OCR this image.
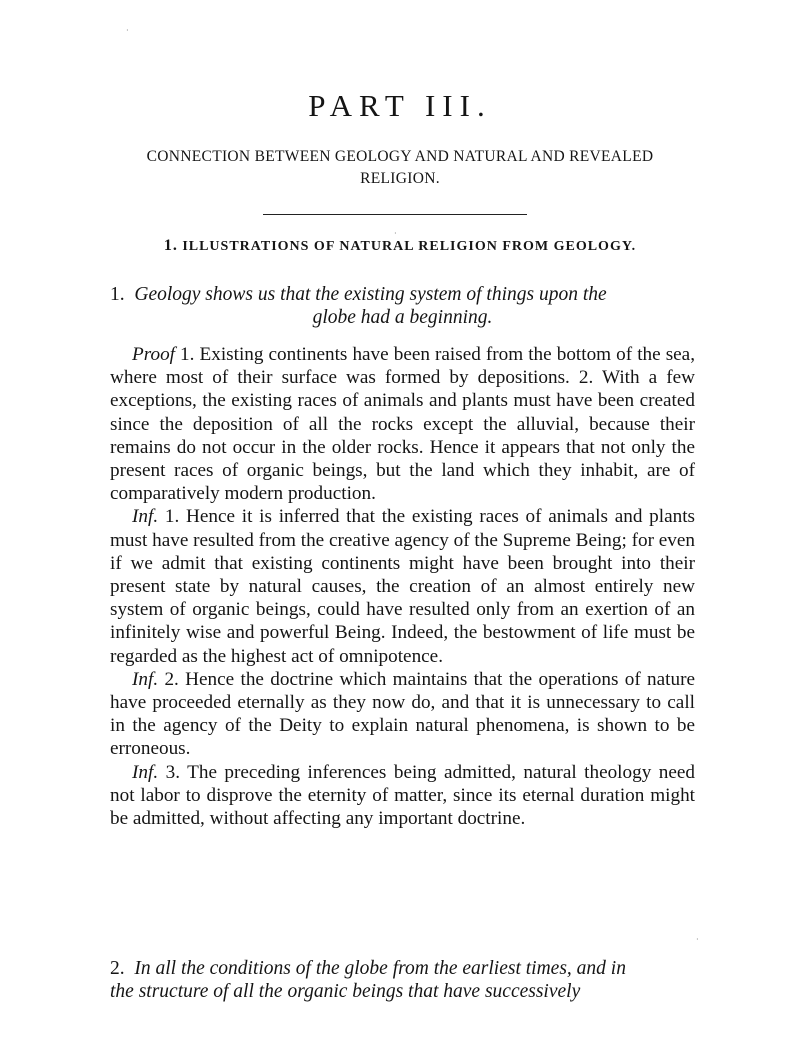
PART III.
CONNECTION BETWEEN GEOLOGY AND NATURAL AND REVEALED RELIGION.
1. ILLUSTRATIONS OF NATURAL RELIGION FROM GEOLOGY.
1. Geology shows us that the existing system of things upon the
globe had a beginning.

Proof 1. Existing continents have been raised from the bottom of the sea, where most of their surface was formed by depositions. 2. With a few exceptions, the existing races of animals and plants must have been created since the deposition of all the rocks except the alluvial, because their remains do not occur in the older rocks. Hence it appears that not only the present races of organic beings, but the land which they inhabit, are of comparatively modern production.

Inf. 1. Hence it is inferred that the existing races of animals and plants must have resulted from the creative agency of the Supreme Being; for even if we admit that existing continents might have been brought into their present state by natural causes, the creation of an almost entirely new system of organic beings, could have resulted only from an exertion of an infinitely wise and powerful Being. Indeed, the bestowment of life must be regarded as the highest act of omnipotence.

Inf. 2. Hence the doctrine which maintains that the operations of nature have proceeded eternally as they now do, and that it is unnecessary to call in the agency of the Deity to explain natural phenomena, is shown to be erroneous.

Inf. 3. The preceding inferences being admitted, natural theology need not labor to disprove the eternity of matter, since its eternal duration might be admitted, without affecting any important doctrine.

2. In all the conditions of the globe from the earliest times, and in
the structure of all the organic beings that have successively
·
·
·
